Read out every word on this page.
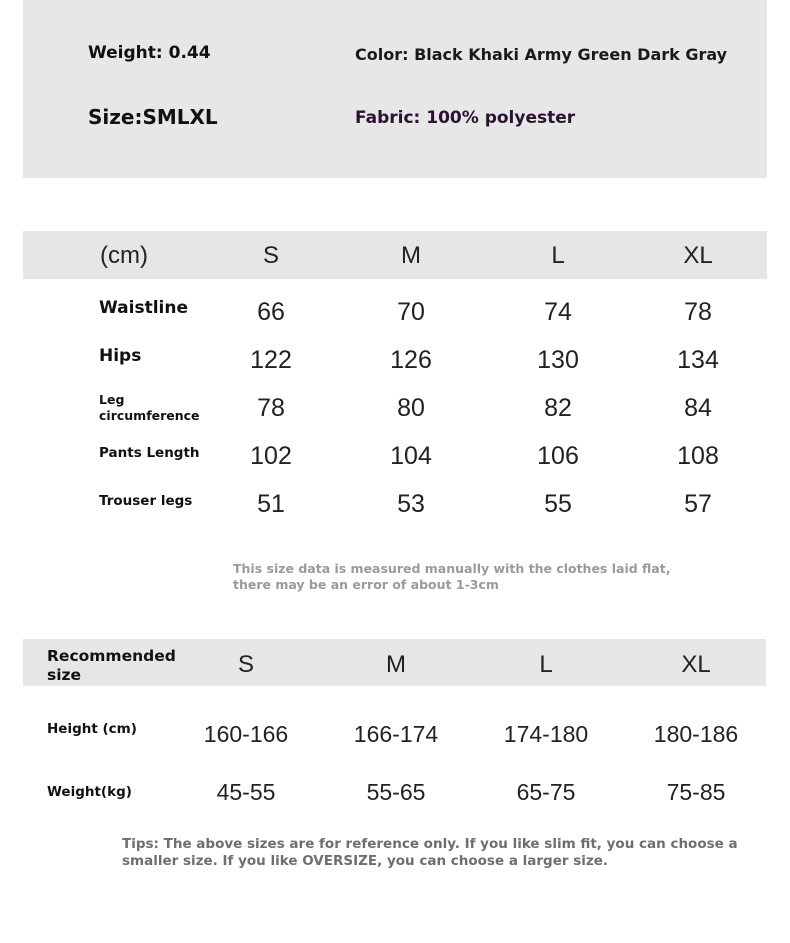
Weight: 0.44	Color: Black Khaki Army Green Dark Gray
Size:SMLXL	Fabric: 100% polyester
(cm)	S	M	L	XL
Waistline	66	70	74	78
Hips	122	126	130	134
Leg
circumference 78	80	82	84
Pants Length 102	104	106	108
Trouser legs	51	53	55	57
This size data is measured manually with the clothes laid flat,
there may be an error of about 1-3cm
Recommended
size	S	M	L	XL
Height (cm)	160-166	166-174	174-180	180-186
Weight(kg)	45-55	55-65	65-75	75-85
Tips: The above sizes are for reference only. If you like slim fit, you can choose a
smaller size. If you like OVERSIZE, you can choose a larger size.
